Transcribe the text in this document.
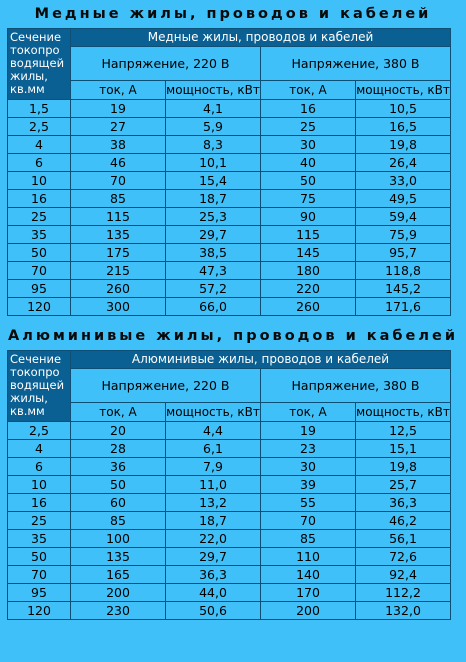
Медные жилы, проводов и кабелей
Сечение токопро водящей жилы, кв.мм	Медные жилы, проводов и кабелей			
	Напряжение, 220 В		Напряжение, 380 В	
	ток, А	мощность, кВт	ток, А	мощность, кВт
1,5	19	4,1	16	10,5
2,5	27	5,9	25	16,5
4	38	8,3	30	19,8
6	46	10,1	40	26,4
10	70	15,4	50	33,0
16	85	18,7	75	49,5
25	115	25,3	90	59,4
35	135	29,7	115	75,9
50	175	38,5	145	95,7
70	215	47,3	180	118,8
95	260	57,2	220	145,2
120	300	66,0	260	171,6
Алюминивые жилы, проводов и кабелей
Сечение токопро водящей жилы, кв.мм	Алюминивые жилы, проводов и кабелей			
	Напряжение, 220 В		Напряжение, 380 В	
	ток, А	мощность, кВт	ток, А	мощность, кВт
2,5	20	4,4	19	12,5
4	28	6,1	23	15,1
6	36	7,9	30	19,8
10	50	11,0	39	25,7
16	60	13,2	55	36,3
25	85	18,7	70	46,2
35	100	22,0	85	56,1
50	135	29,7	110	72,6
70	165	36,3	140	92,4
95	200	44,0	170	112,2
120	230	50,6	200	132,0
